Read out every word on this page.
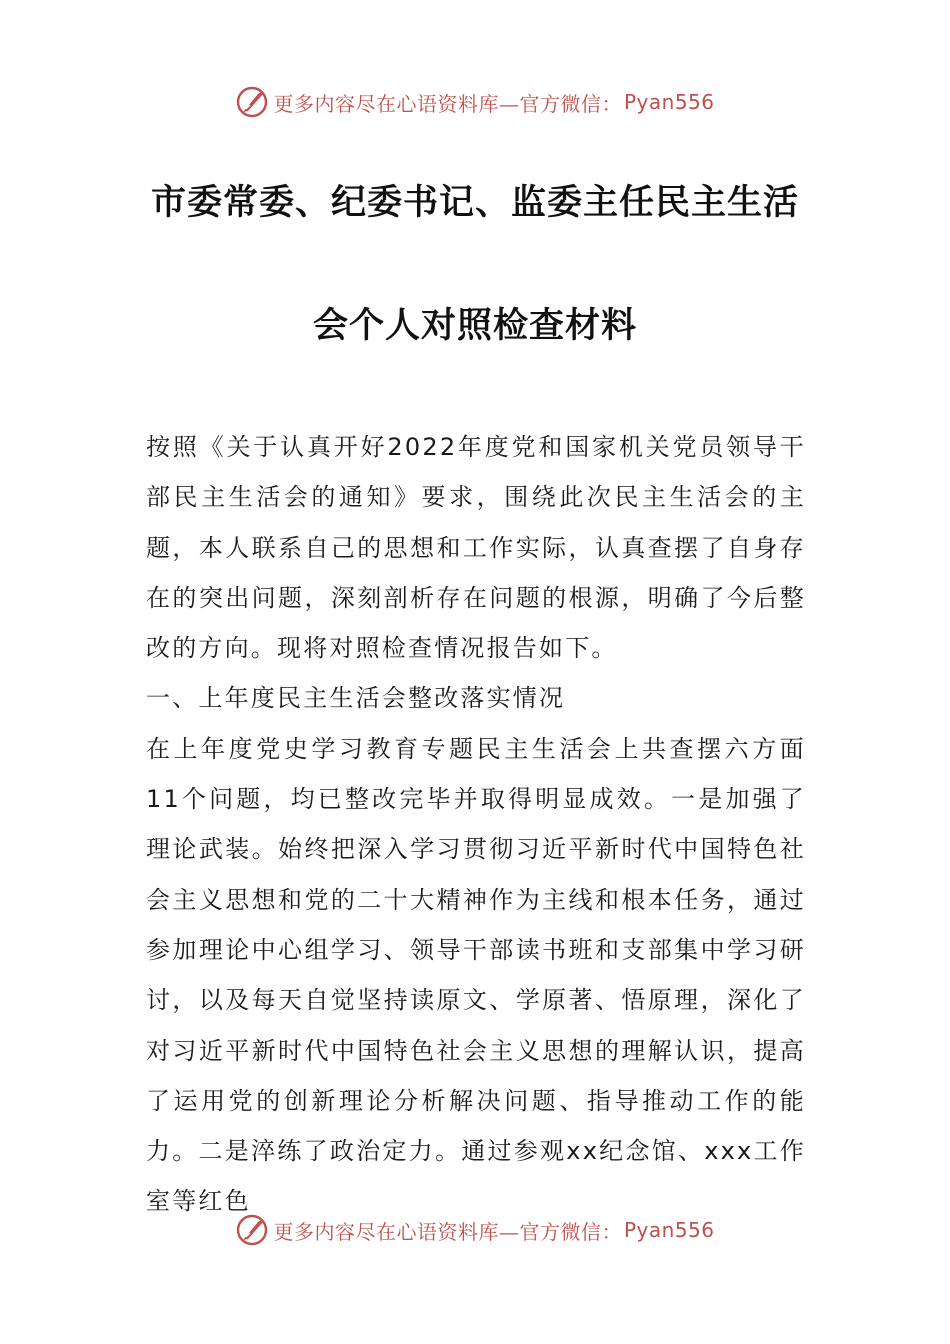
更多内容尽在心语资料库—官方微信： Pyan556
市委常委、纪委书记、监委主任民主生活
会个人对照检查材料

按照《关于认真开好2022年度党和国家机关党员领导干部民主生活会的通知》要求，围绕此次民主生活会的主题，本人联系自己的思想和工作实际，认真查摆了自身存在的突出问题，深刻剖析存在问题的根源，明确了今后整改的方向。现将对照检查情况报告如下。

一、上年度民主生活会整改落实情况

在上年度党史学习教育专题民主生活会上共查摆六方面11个问题，均已整改完毕并取得明显成效。一是加强了理论武装。始终把深入学习贯彻习近平新时代中国特色社会主义思想和党的二十大精神作为主线和根本任务，通过参加理论中心组学习、领导干部读书班和支部集中学习研讨，以及每天自觉坚持读原文、学原著、悟原理，深化了对习近平新时代中国特色社会主义思想的理解认识，提高了运用党的创新理论分析解决问题、指导推动工作的能力。二是淬练了政治定力。通过参观xx纪念馆、xxx工作室等红色

更多内容尽在心语资料库—官方微信： Pyan556
